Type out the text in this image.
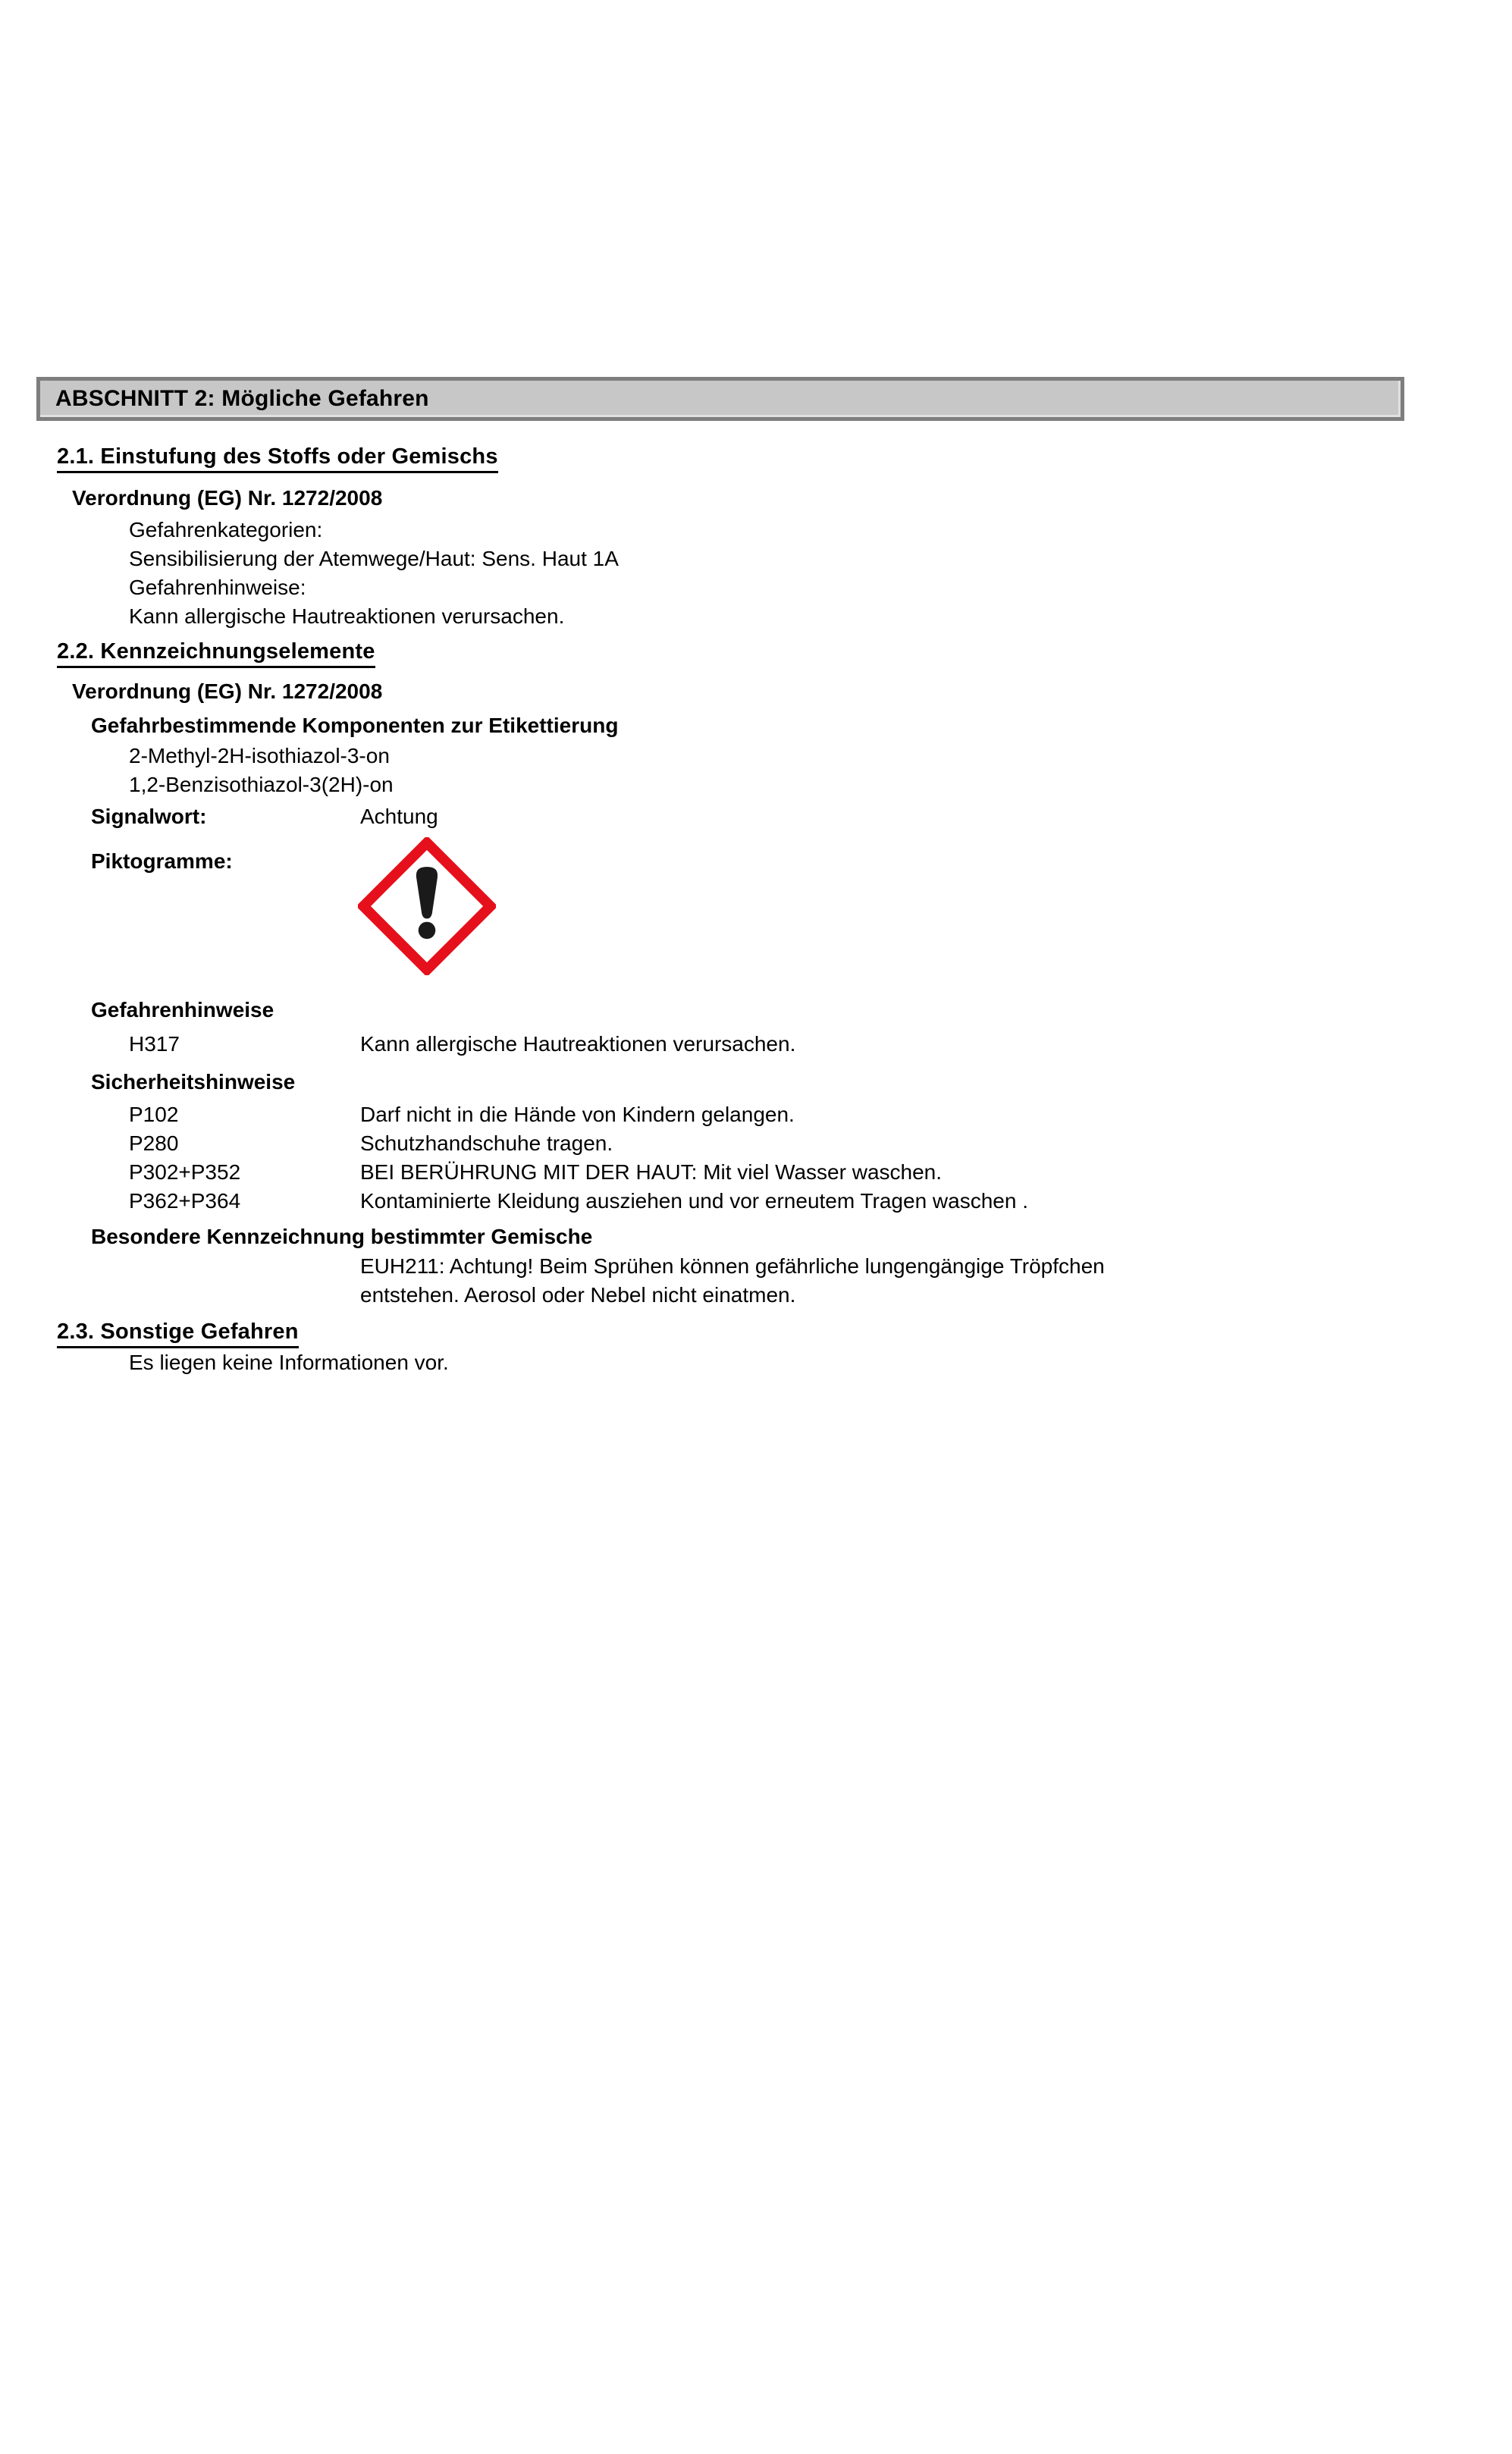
ABSCHNITT 2: Mögliche Gefahren
2.1. Einstufung des Stoffs oder Gemischs
Verordnung (EG) Nr. 1272/2008
Gefahrenkategorien:
Sensibilisierung der Atemwege/Haut: Sens. Haut 1A
Gefahrenhinweise:
Kann allergische Hautreaktionen verursachen.
2.2. Kennzeichnungselemente
Verordnung (EG) Nr. 1272/2008
Gefahrbestimmende Komponenten zur Etikettierung
2-Methyl-2H-isothiazol-3-on
1,2-Benzisothiazol-3(2H)-on
Signalwort:	Achtung
Piktogramme:
Gefahrenhinweise
H317	Kann allergische Hautreaktionen verursachen.
Sicherheitshinweise
P102	Darf nicht in die Hände von Kindern gelangen.
P280	Schutzhandschuhe tragen.
P302+P352	BEI BERÜHRUNG MIT DER HAUT: Mit viel Wasser waschen.
P362+P364	Kontaminierte Kleidung ausziehen und vor erneutem Tragen waschen .
Besondere Kennzeichnung bestimmter Gemische
EUH211: Achtung! Beim Sprühen können gefährliche lungengängige Tröpfchen
entstehen. Aerosol oder Nebel nicht einatmen.
2.3. Sonstige Gefahren
Es liegen keine Informationen vor.
